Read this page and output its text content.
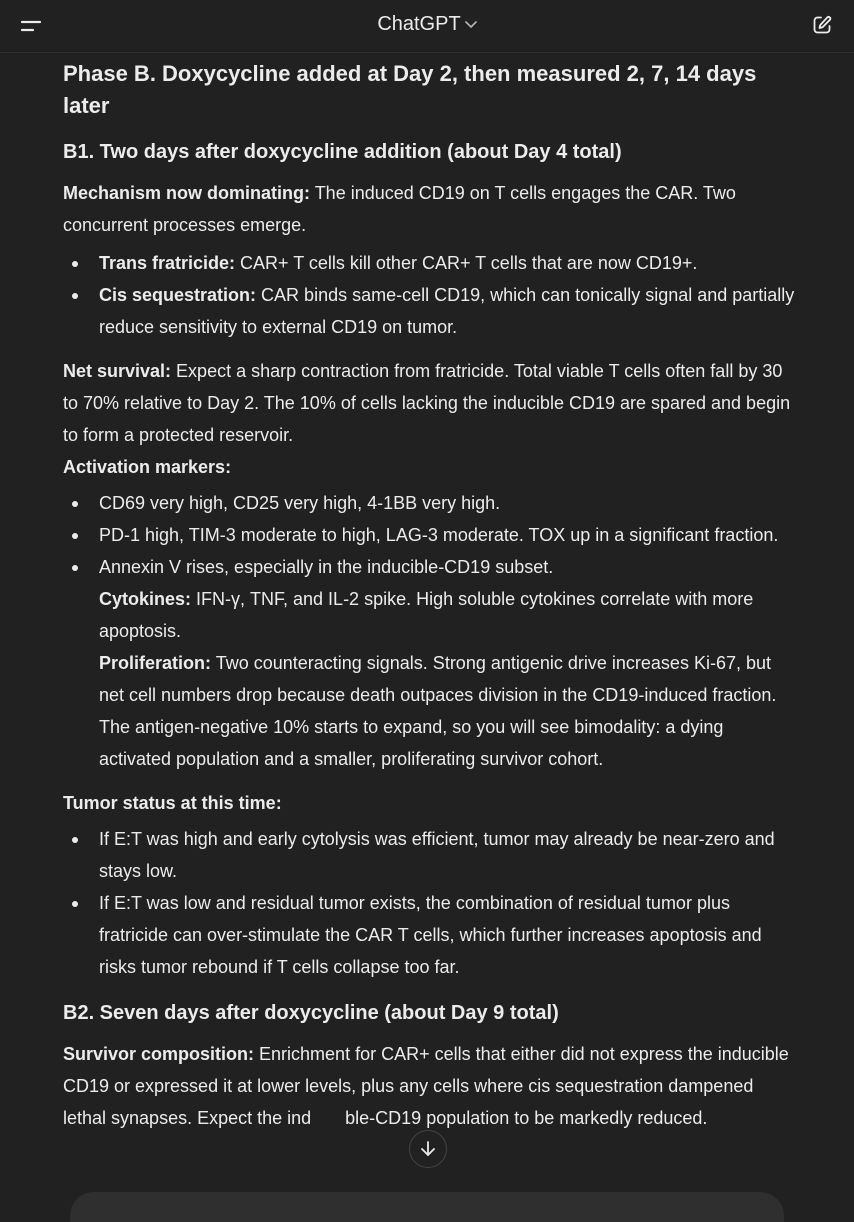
ChatGPT
Phase B. Doxycycline added at Day 2, then measured 2, 7, 14 days later
B1. Two days after doxycycline addition (about Day 4 total)

Mechanism now dominating: The induced CD19 on T cells engages the CAR. Two concurrent processes emerge.

Trans fratricide: CAR+ T cells kill other CAR+ T cells that are now CD19+.
Cis sequestration: CAR binds same-cell CD19, which can tonically signal and partially reduce sensitivity to external CD19 on tumor.

Net survival: Expect a sharp contraction from fratricide. Total viable T cells often fall by 30 to 70% relative to Day 2. The 10% of cells lacking the inducible CD19 are spared and begin to form a protected reservoir.

Activation markers:

CD69 very high, CD25 very high, 4-1BB very high.
PD-1 high, TIM-3 moderate to high, LAG-3 moderate. TOX up in a significant fraction.
Annexin V rises, especially in the inducible-CD19 subset.
Cytokines: IFN-γ, TNF, and IL-2 spike. High soluble cytokines correlate with more apoptosis.
Proliferation: Two counteracting signals. Strong antigenic drive increases Ki-67, but net cell numbers drop because death outpaces division in the CD19-induced fraction. The antigen-negative 10% starts to expand, so you will see bimodality: a dying activated population and a smaller, proliferating survivor cohort.

Tumor status at this time:

If E:T was high and early cytolysis was efficient, tumor may already be near-zero and stays low.
If E:T was low and residual tumor exists, the combination of residual tumor plus fratricide can over-stimulate the CAR T cells, which further increases apoptosis and risks tumor rebound if T cells collapse too far.
B2. Seven days after doxycycline (about Day 9 total)

Survivor composition: Enrichment for CAR+ cells that either did not express the inducible CD19 or expressed it at lower levels, plus any cells where cis sequestration dampened lethal synapses. Expect the ind ble-CD19 population to be markedly reduced.
